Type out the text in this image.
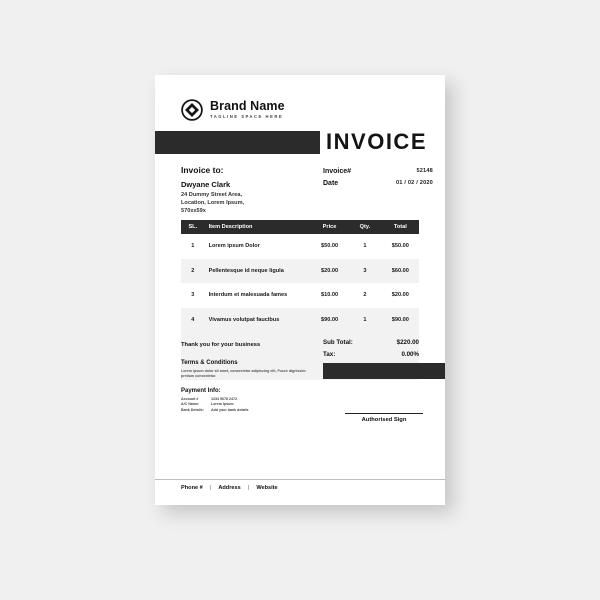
Brand Name
TAGLINE SPACE HERE
INVOICE
Invoice to:
Dwyane Clark
24 Dummy Street Area,
Location, Lorem Ipsum,
570xx59x
Invoice#	52148
Date	01 / 02 / 2020
SL.	Item Description	Price	Qty.	Total
1	Lorem ipsum Dolor	$50.00	1	$50.00
2	Pellentesque id neque ligula	$20.00	3	$60.00
3	Interdum et malesuada fames	$10.00	2	$20.00
4	Vivamus volutpat faucibus	$90.00	1	$90.00
Thank you for your business	Sub Total:	$220.00
Tax:	0.00%
Terms & Conditions
Lorem ipsum dolor sit amet, consectetur adipiscing elit, Fusce dignissim pretium consectetur.
Payment Info:
Account #	1234 5678 2472
A/C Name:	Lorem Ipsum
Bank Details:	Add your bank details
Authorised Sign
Phone # | Address | Website
